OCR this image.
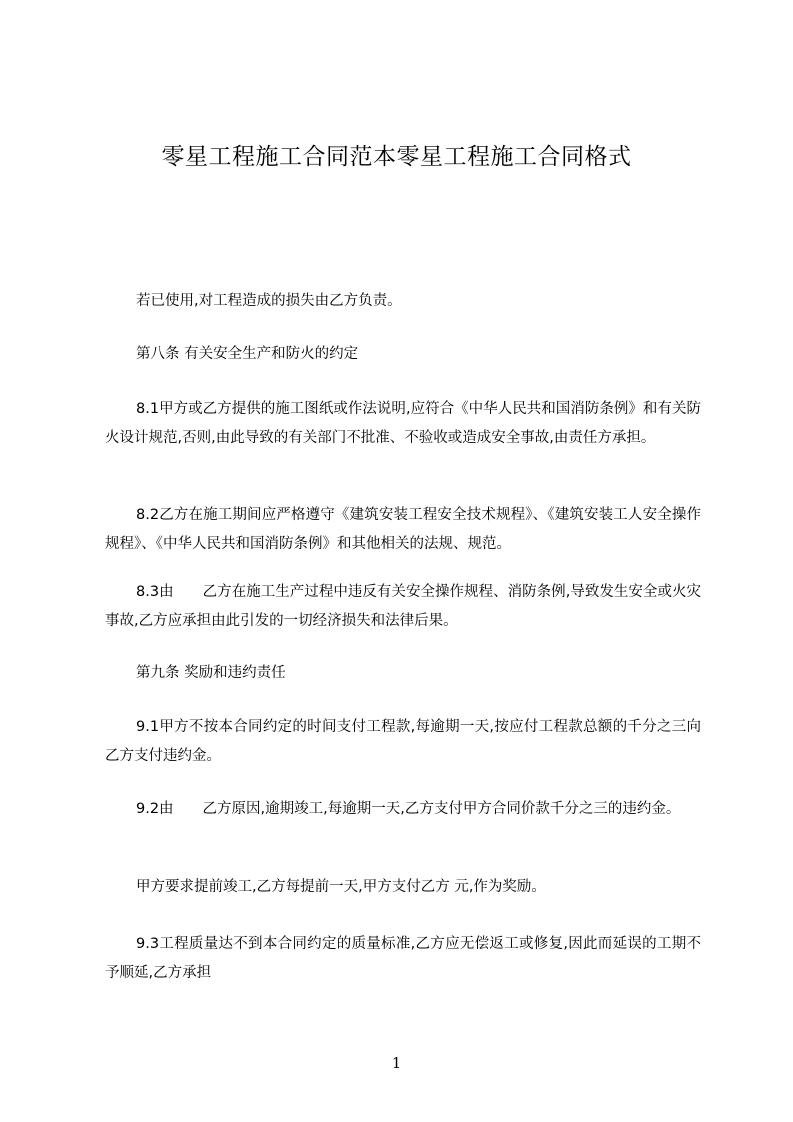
零星工程施工合同范本零星工程施工合同格式

若已使用,对工程造成的损失由乙方负责。

第八条 有关安全生产和防火的约定

8.1甲方或乙方提供的施工图纸或作法说明,应符合《中华人民共和国消防条例》和有关防火设计规范,否则,由此导致的有关部门不批准、不验收或造成安全事故,由责任方承担。

8.2乙方在施工期间应严格遵守《建筑安装工程安全技术规程》、《建筑安装工人安全操作规程》、《中华人民共和国消防条例》和其他相关的法规、规范。

8.3由　　乙方在施工生产过程中违反有关安全操作规程、消防条例,导致发生安全或火灾事故,乙方应承担由此引发的一切经济损失和法律后果。

第九条 奖励和违约责任

9.1甲方不按本合同约定的时间支付工程款,每逾期一天,按应付工程款总额的千分之三向乙方支付违约金。

9.2由　　乙方原因,逾期竣工,每逾期一天,乙方支付甲方合同价款千分之三的违约金。

甲方要求提前竣工,乙方每提前一天,甲方支付乙方 元,作为奖励。

9.3工程质量达不到本合同约定的质量标准,乙方应无偿返工或修复,因此而延误的工期不予顺延,乙方承担

1
